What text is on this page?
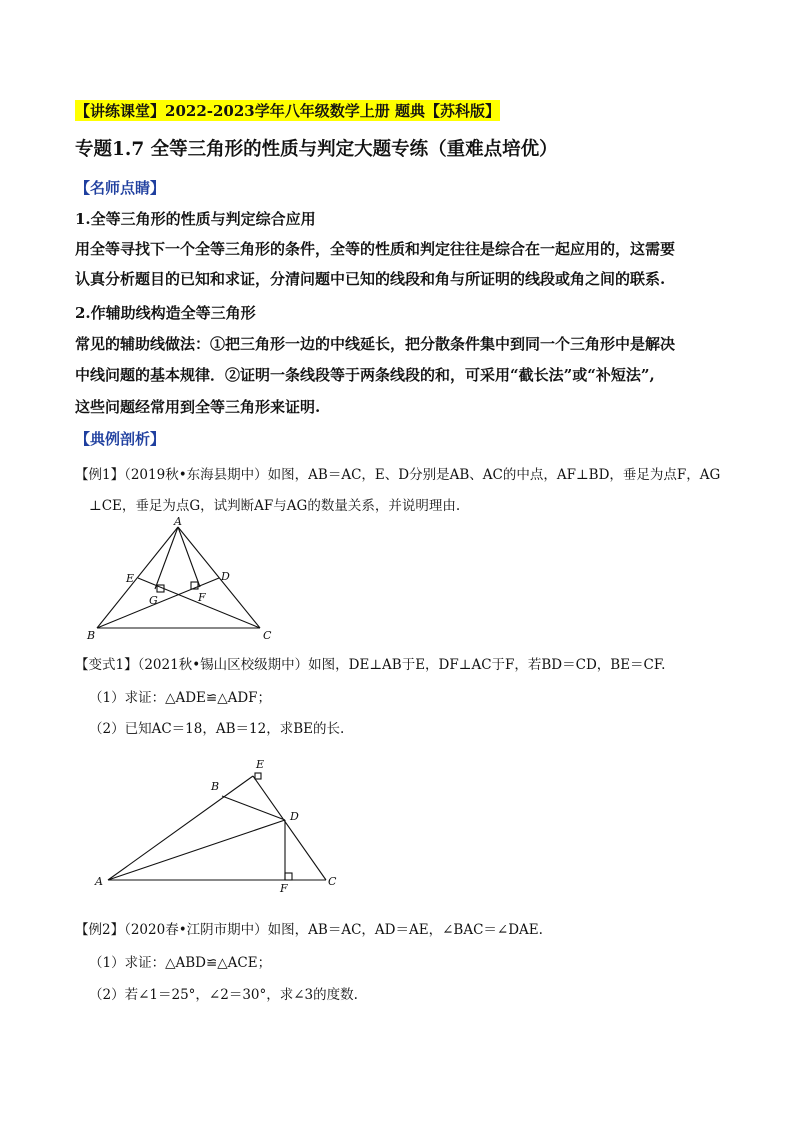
【讲练课堂】2022-2023学年八年级数学上册 题典【苏科版】
专题1.7 全等三角形的性质与判定大题专练（重难点培优）
【名师点睛】
1.全等三角形的性质与判定综合应用
用全等寻找下一个全等三角形的条件，全等的性质和判定往往是综合在一起应用的，这需要
认真分析题目的已知和求证，分清问题中已知的线段和角与所证明的线段或角之间的联系.
2.作辅助线构造全等三角形
常见的辅助线做法：①把三角形一边的中线延长，把分散条件集中到同一个三角形中是解决
中线问题的基本规律．②证明一条线段等于两条线段的和，可采用“截长法”或“补短法”,
这些问题经常用到全等三角形来证明.
【典例剖析】
【例1】（2019秋•东海县期中）如图，AB＝AC，E、D分别是AB、AC的中点，AF⊥BD，垂足为点F，AG
⊥CE，垂足为点G，试判断AF与AG的数量关系，并说明理由.
A
B	C
D
E
F
G
【变式1】（2021秋•锡山区校级期中）如图，DE⊥AB于E，DF⊥AC于F，若BD＝CD，BE＝CF.
（1）求证：△ADE≌△ADF；
（2）已知AC＝18，AB＝12，求BE的长.
E
B
D
A
F
C
【例2】（2020春•江阴市期中）如图，AB＝AC，AD＝AE，∠BAC＝∠DAE.
（1）求证：△ABD≌△ACE；
（2）若∠1＝25°，∠2＝30°，求∠3的度数.
